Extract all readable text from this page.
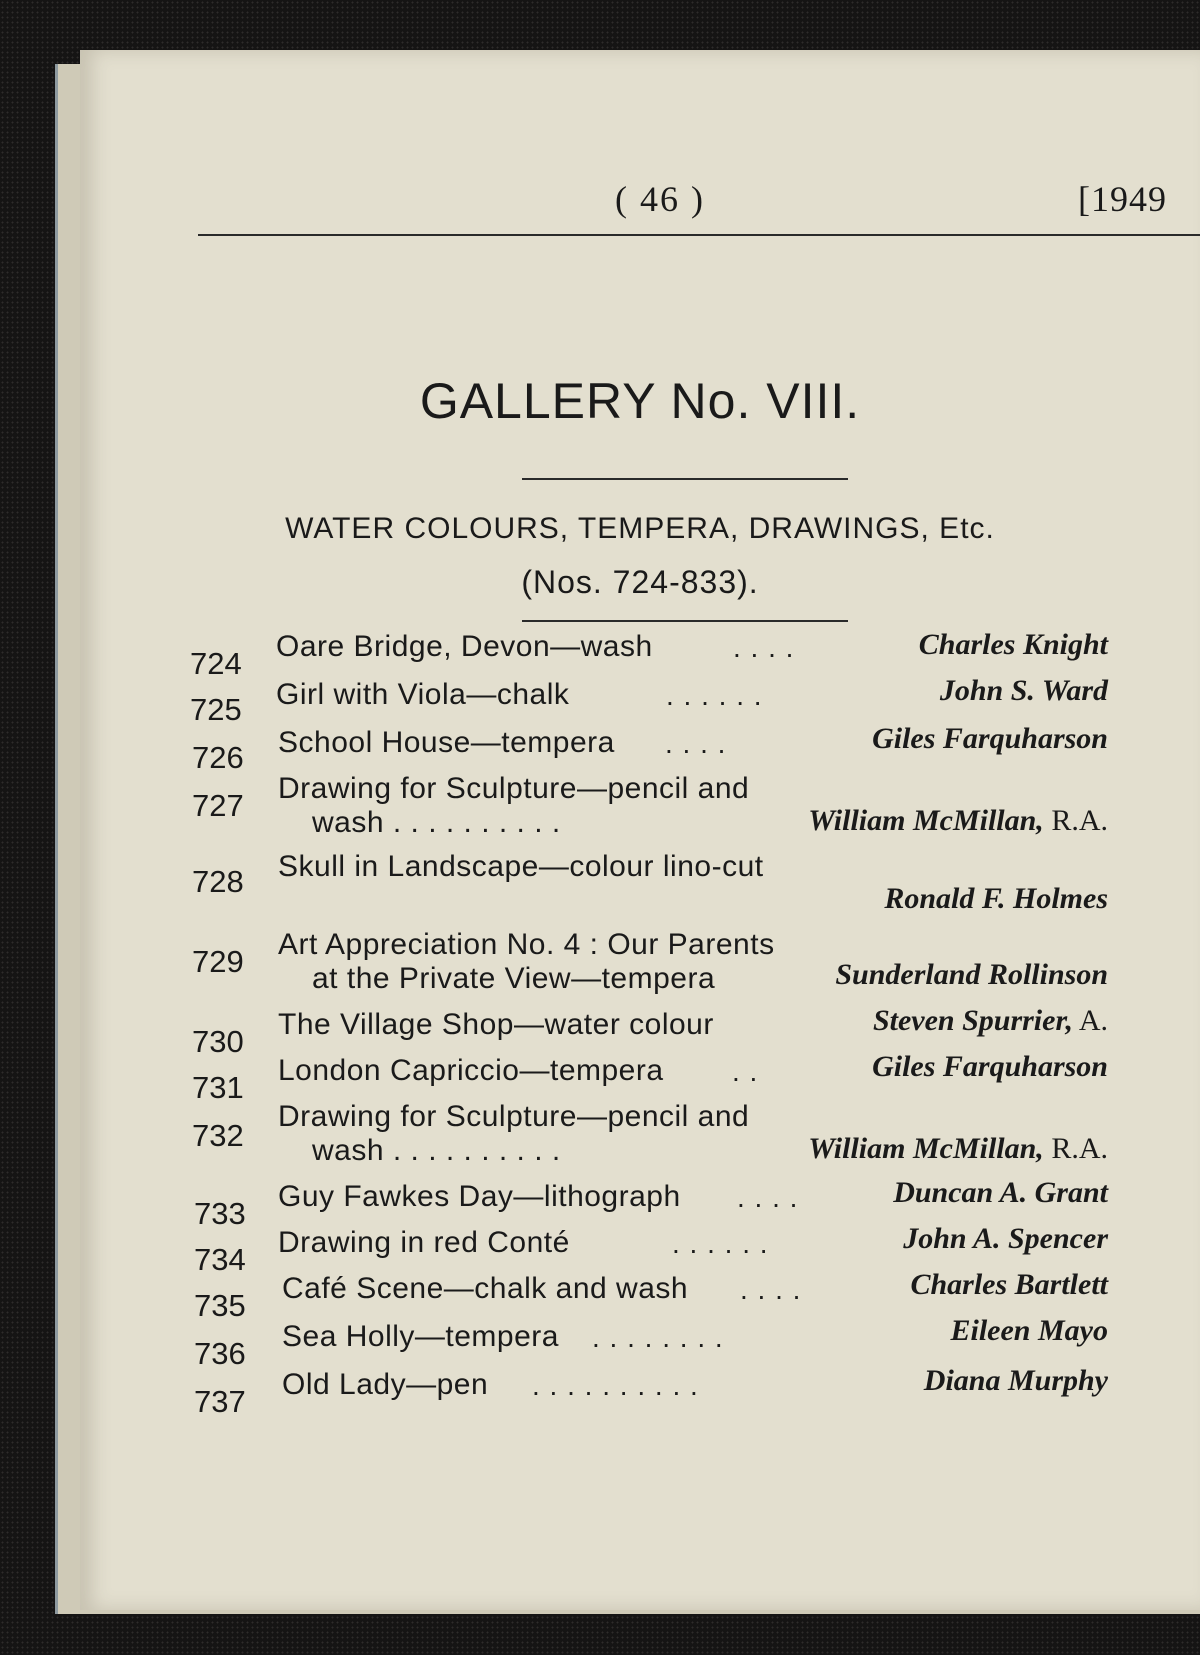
( 46 )	[1949
GALLERY No. VIII.
WATER COLOURS, TEMPERA, DRAWINGS, Etc.
(Nos. 724-833).
724 Oare Bridge, Devon—wash	. . . .	Charles Knight
725 Girl with Viola—chalk	. . . . . .	John S. Ward
726 School House—tempera . . . .	Giles Farquharson
727 Drawing for Sculpture—pencil and
wash . . . . . . . . . .	William McMillan, R.A.
728 Skull in Landscape—colour lino-cut
Ronald F. Holmes
729 Art Appreciation No. 4 : Our Parents
at the Private View—tempera	Sunderland Rollinson
730 The Village Shop—water colour	Steven Spurrier, A.
731 London Capriccio—tempera . .	Giles Farquharson
732
Drawing for Sculpture—pencil and
wash . . . . . . . . . .	William McMillan, R.A.
733 Guy Fawkes Day—lithograph . . . .	Duncan A. Grant
734 Drawing in red Conté	. . . . . .	John A. Spencer
735 Café Scene—chalk and wash . . . .	Charles Bartlett
736 Sea Holly—tempera . . . . . . . .	Eileen Mayo
737 Old Lady—pen . . . . . . . . . .	Diana Murphy
